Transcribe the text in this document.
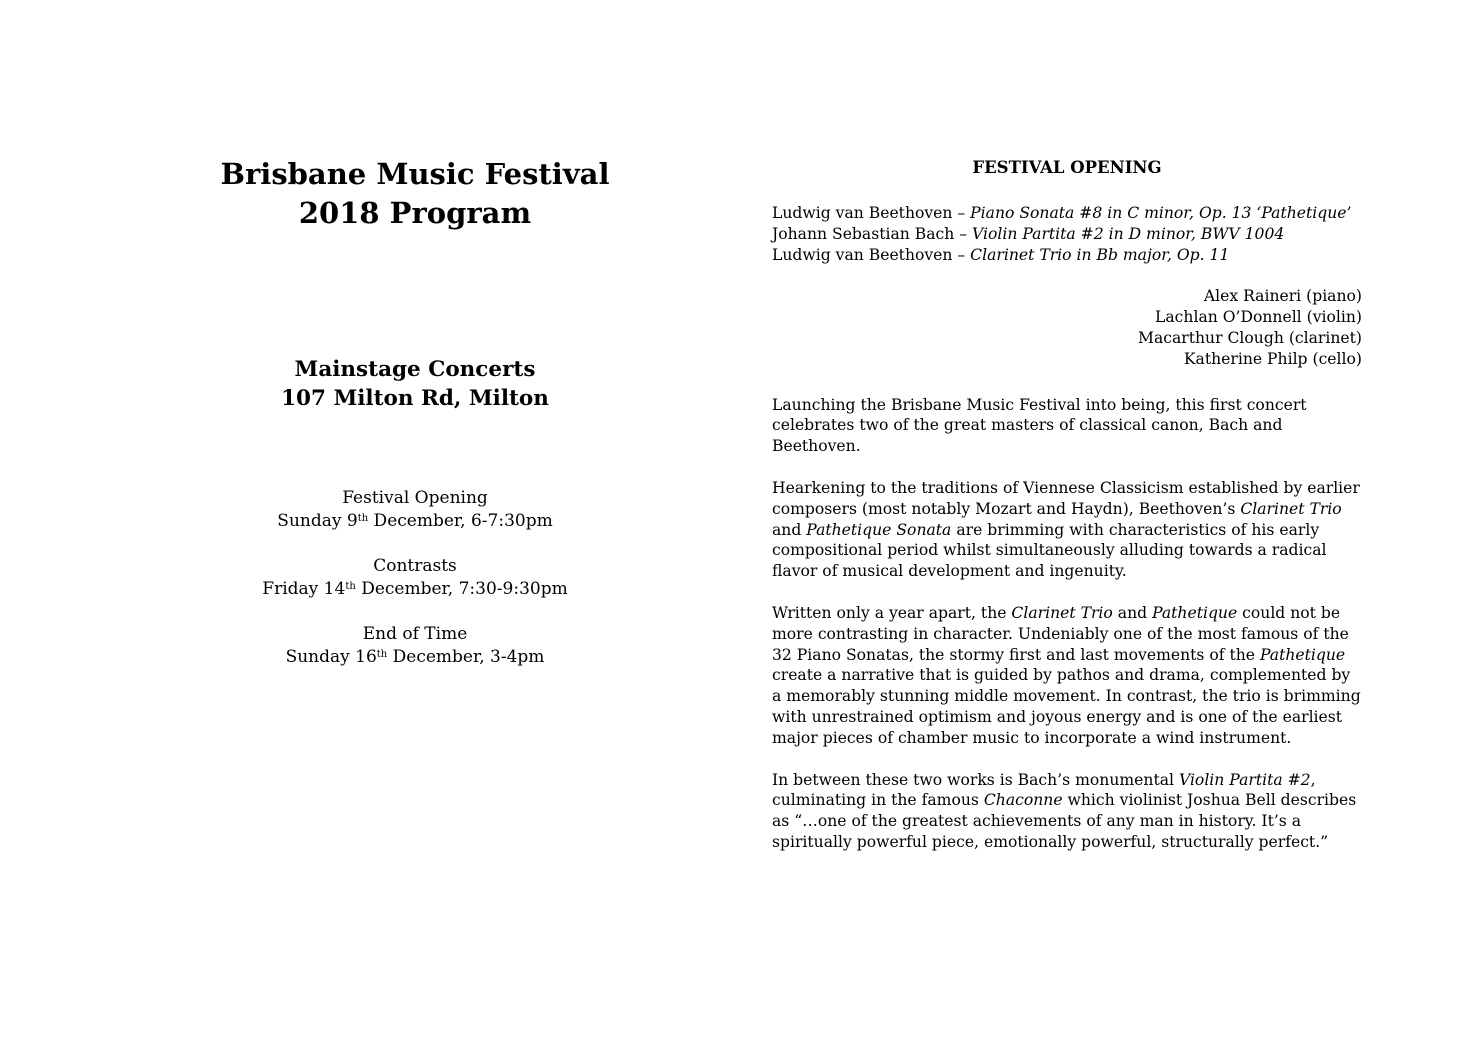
Brisbane Music Festival
2018 Program
Mainstage Concerts
107 Milton Rd, Milton
Festival Opening
Sunday 9th December, 6-7:30pm
Contrasts
Friday 14th December, 7:30-9:30pm
End of Time
Sunday 16th December, 3-4pm
FESTIVAL OPENING
Ludwig van Beethoven – Piano Sonata #8 in C minor, Op. 13 ‘Pathetique’
Johann Sebastian Bach – Violin Partita #2 in D minor, BWV 1004
Ludwig van Beethoven – Clarinet Trio in Bb major, Op. 11
Alex Raineri (piano)
Lachlan O’Donnell (violin)
Macarthur Clough (clarinet)
Katherine Philp (cello)

Launching the Brisbane Music Festival into being, this first concert celebrates two of the great masters of classical canon, Bach and Beethoven.

Hearkening to the traditions of Viennese Classicism established by earlier composers (most notably Mozart and Haydn), Beethoven’s Clarinet Trio and Pathetique Sonata are brimming with characteristics of his early compositional period whilst simultaneously alluding towards a radical flavor of musical development and ingenuity.

Written only a year apart, the Clarinet Trio and Pathetique could not be more contrasting in character. Undeniably one of the most famous of the 32 Piano Sonatas, the stormy first and last movements of the Pathetique create a narrative that is guided by pathos and drama, complemented by a memorably stunning middle movement. In contrast, the trio is brimming with unrestrained optimism and joyous energy and is one of the earliest major pieces of chamber music to incorporate a wind instrument.

In between these two works is Bach’s monumental Violin Partita #2, culminating in the famous Chaconne which violinist Joshua Bell describes as “…one of the greatest achievements of any man in history. It’s a spiritually powerful piece, emotionally powerful, structurally perfect.”
